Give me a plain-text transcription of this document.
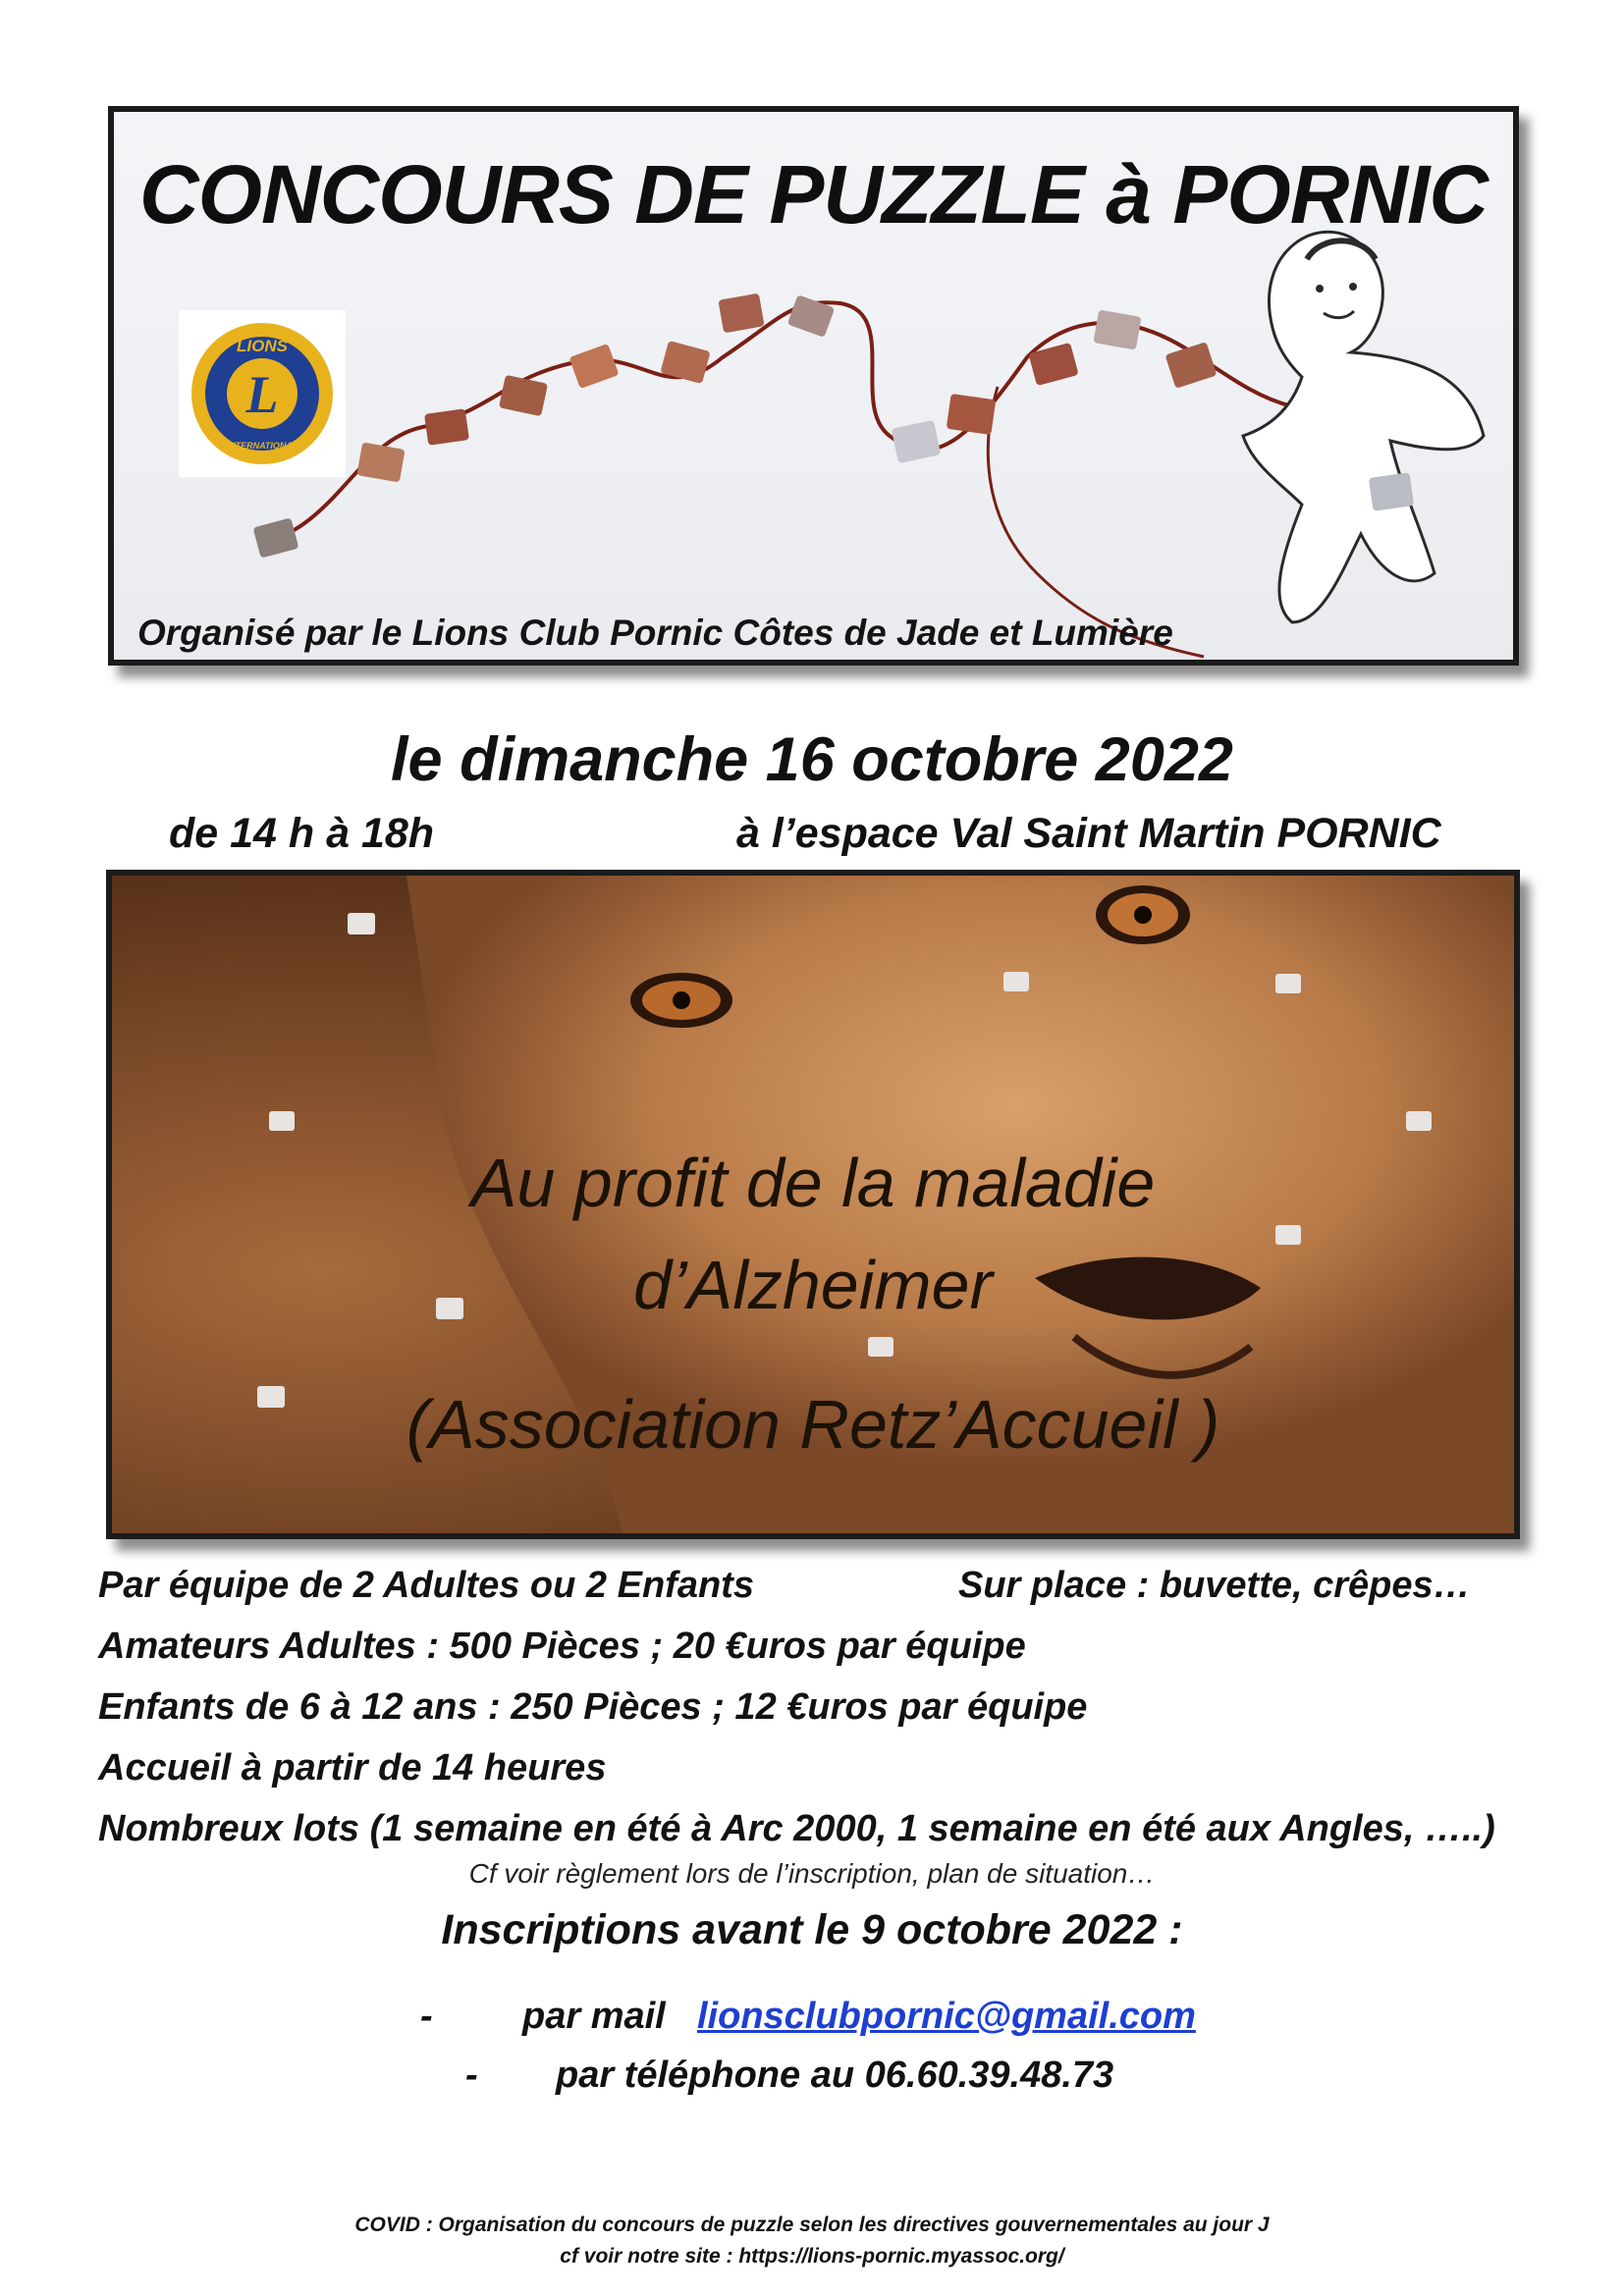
CONCOURS DE PUZZLE à PORNIC
L
LIONS
INTERNATIONAL
Organisé par le Lions Club Pornic Côtes de Jade et Lumière
le dimanche 16 octobre 2022
de 14 h à 18h	à l’espace Val Saint Martin PORNIC
Au profit de la maladie
d’Alzheimer
(Association Retz’Accueil )
Par équipe de 2 Adultes ou 2 Enfants	Sur place : buvette, crêpes…
Amateurs Adultes : 500 Pièces ; 20 €uros par équipe
Enfants de 6 à 12 ans : 250 Pièces ; 12 €uros par équipe
Accueil à partir de 14 heures
Nombreux lots (1 semaine en été à Arc 2000, 1 semaine en été aux Angles, …..)
Cf voir règlement lors de l’inscription, plan de situation…
Inscriptions avant le 9 octobre 2022 :
- par mail lionsclubpornic@gmail.com
- par téléphone au 06.60.39.48.73
COVID : Organisation du concours de puzzle selon les directives gouvernementales au jour J
cf voir notre site : https://lions-pornic.myassoc.org/
